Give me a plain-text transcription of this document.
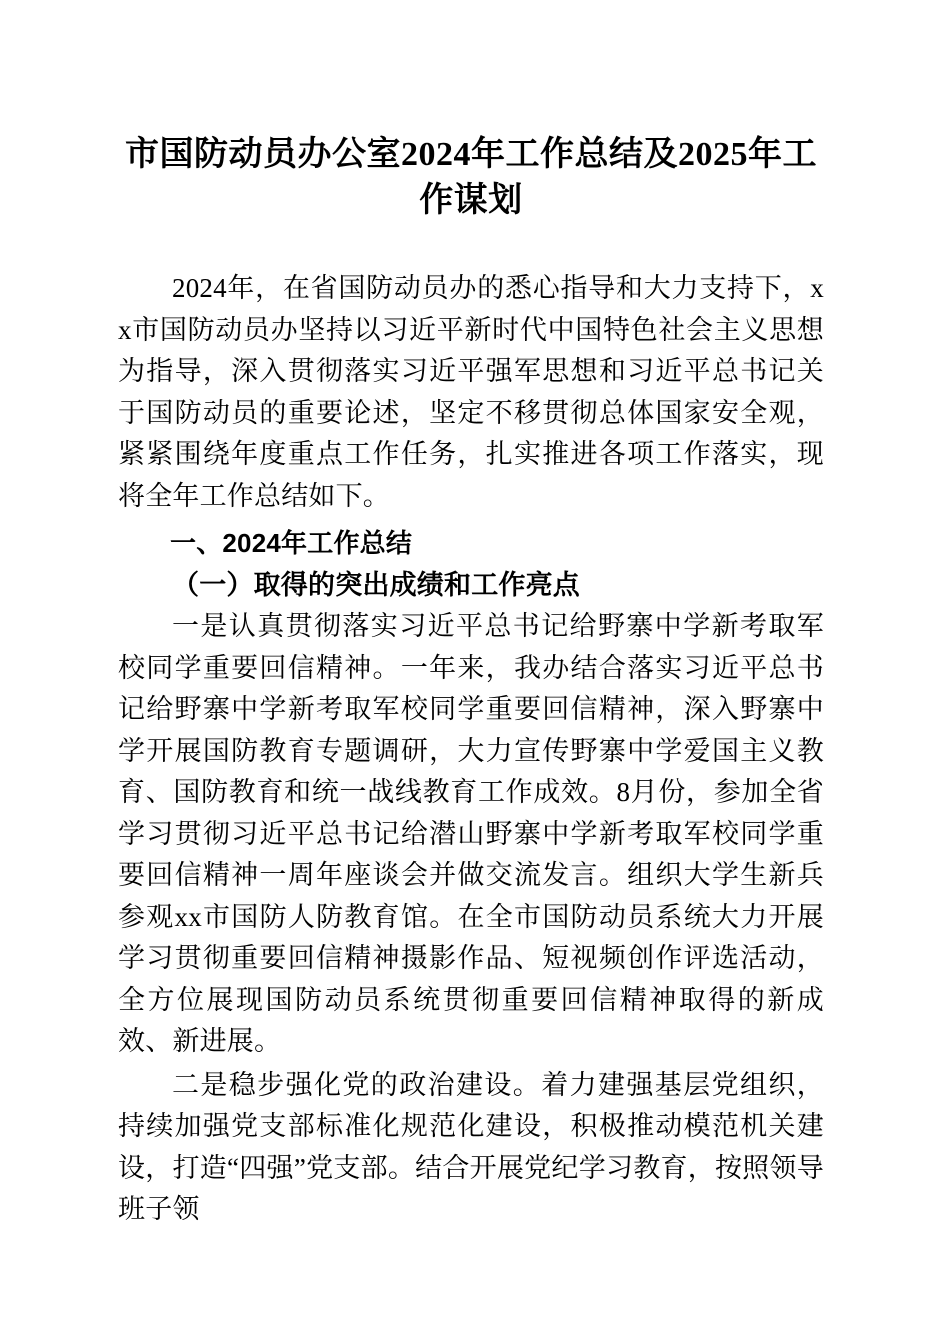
市国防动员办公室2024年工作总结及2025年工作谋划

2024年，在省国防动员办的悉心指导和大力支持下，xx市国防动员办坚持以习近平新时代中国特色社会主义思想为指导，深入贯彻落实习近平强军思想和习近平总书记关于国防动员的重要论述，坚定不移贯彻总体国家安全观，紧紧围绕年度重点工作任务，扎实推进各项工作落实，现将全年工作总结如下。

一、2024年工作总结
（一）取得的突出成绩和工作亮点

一是认真贯彻落实习近平总书记给野寨中学新考取军校同学重要回信精神。一年来，我办结合落实习近平总书记给野寨中学新考取军校同学重要回信精神，深入野寨中学开展国防教育专题调研，大力宣传野寨中学爱国主义教育、国防教育和统一战线教育工作成效。8月份，参加全省学习贯彻习近平总书记给潜山野寨中学新考取军校同学重要回信精神一周年座谈会并做交流发言。组织大学生新兵参观xx市国防人防教育馆。在全市国防动员系统大力开展学习贯彻重要回信精神摄影作品、短视频创作评选活动，全方位展现国防动员系统贯彻重要回信精神取得的新成效、新进展。

二是稳步强化党的政治建设。着力建强基层党组织，持续加强党支部标准化规范化建设，积极推动模范机关建设，打造“四强”党支部。结合开展党纪学习教育，按照领导班子领
